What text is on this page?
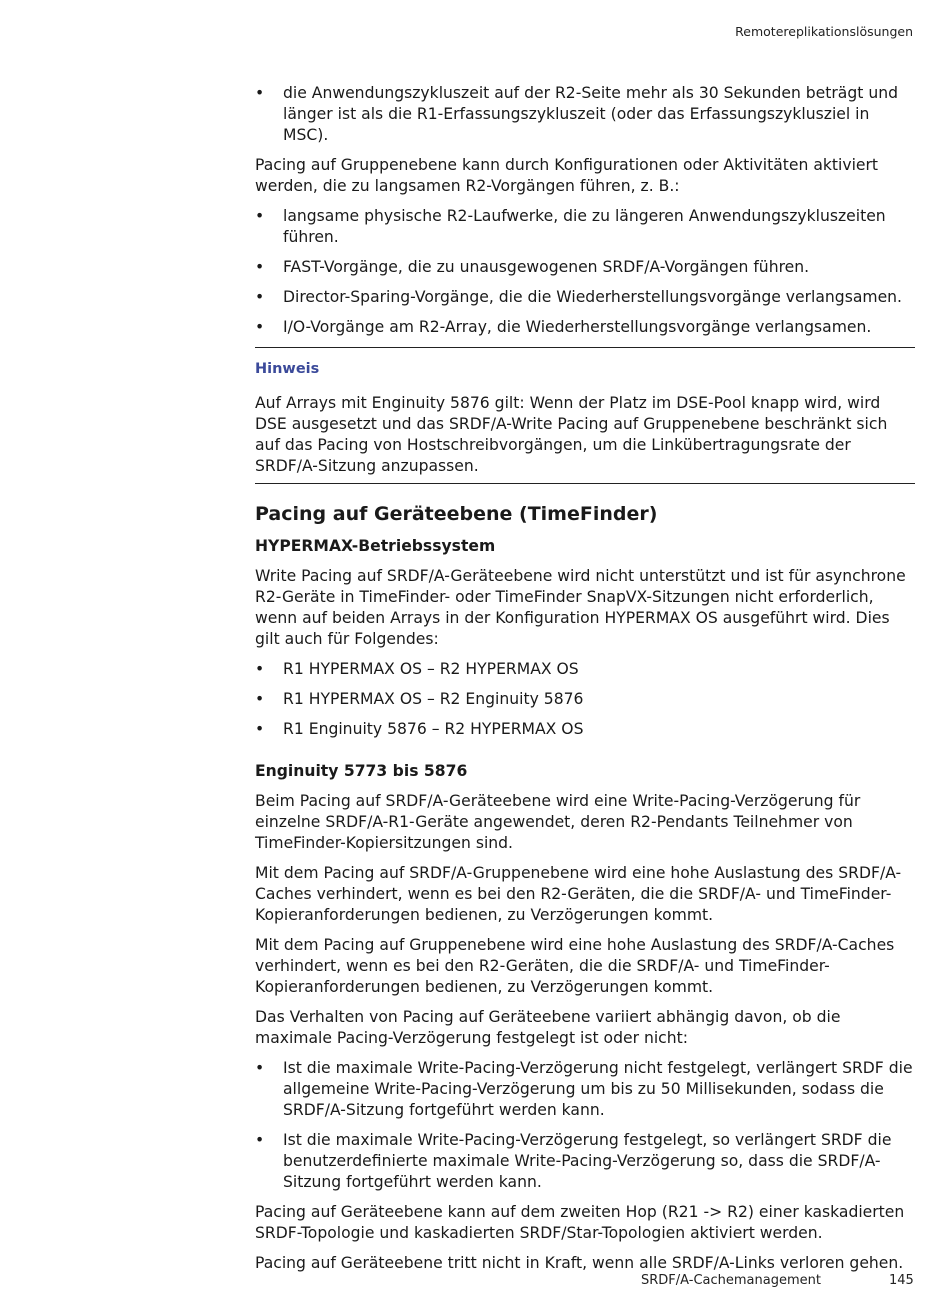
Remotereplikationslösungen
• die Anwendungszykluszeit auf der R2-Seite mehr als 30 Sekunden beträgt und länger ist als die R1-Erfassungszykluszeit (oder das Erfassungszyklusziel in MSC).

Pacing auf Gruppenebene kann durch Konfigurationen oder Aktivitäten aktiviert werden, die zu langsamen R2-Vorgängen führen, z. B.:

• langsame physische R2-Laufwerke, die zu längeren Anwendungszykluszeiten führen.
• FAST-Vorgänge, die zu unausgewogenen SRDF/A-Vorgängen führen.
• Director-Sparing-Vorgänge, die die Wiederherstellungsvorgänge verlangsamen.
• I/O-Vorgänge am R2-Array, die Wiederherstellungsvorgänge verlangsamen.
Hinweis

Auf Arrays mit Enginuity 5876 gilt: Wenn der Platz im DSE-Pool knapp wird, wird DSE ausgesetzt und das SRDF/A-Write Pacing auf Gruppenebene beschränkt sich auf das Pacing von Hostschreibvorgängen, um die Linkübertragungsrate der SRDF/A-Sitzung anzupassen.

Pacing auf Geräteebene (TimeFinder)

HYPERMAX-Betriebssystem

Write Pacing auf SRDF/A-Geräteebene wird nicht unterstützt und ist für asynchrone R2-Geräte in TimeFinder- oder TimeFinder SnapVX-Sitzungen nicht erforderlich, wenn auf beiden Arrays in der Konfiguration HYPERMAX OS ausgeführt wird. Dies gilt auch für Folgendes:

• R1 HYPERMAX OS – R2 HYPERMAX OS
• R1 HYPERMAX OS – R2 Enginuity 5876
• R1 Enginuity 5876 – R2 HYPERMAX OS

Enginuity 5773 bis 5876

Beim Pacing auf SRDF/A-Geräteebene wird eine Write-Pacing-Verzögerung für einzelne SRDF/A-R1-Geräte angewendet, deren R2-Pendants Teilnehmer von TimeFinder-Kopiersitzungen sind.

Mit dem Pacing auf SRDF/A-Gruppenebene wird eine hohe Auslastung des SRDF/A-Caches verhindert, wenn es bei den R2-Geräten, die die SRDF/A- und TimeFinder-Kopieranforderungen bedienen, zu Verzögerungen kommt.

Mit dem Pacing auf Gruppenebene wird eine hohe Auslastung des SRDF/A-Caches verhindert, wenn es bei den R2-Geräten, die die SRDF/A- und TimeFinder-Kopieranforderungen bedienen, zu Verzögerungen kommt.

Das Verhalten von Pacing auf Geräteebene variiert abhängig davon, ob die maximale Pacing-Verzögerung festgelegt ist oder nicht:

• Ist die maximale Write-Pacing-Verzögerung nicht festgelegt, verlängert SRDF die allgemeine Write-Pacing-Verzögerung um bis zu 50 Millisekunden, sodass die SRDF/A-Sitzung fortgeführt werden kann.
• Ist die maximale Write-Pacing-Verzögerung festgelegt, so verlängert SRDF die benutzerdefinierte maximale Write-Pacing-Verzögerung so, dass die SRDF/A-Sitzung fortgeführt werden kann.

Pacing auf Geräteebene kann auf dem zweiten Hop (R21 -> R2) einer kaskadierten SRDF-Topologie und kaskadierten SRDF/Star-Topologien aktiviert werden.

Pacing auf Geräteebene tritt nicht in Kraft, wenn alle SRDF/A-Links verloren gehen.

SRDF/A-Cachemanagement	145
